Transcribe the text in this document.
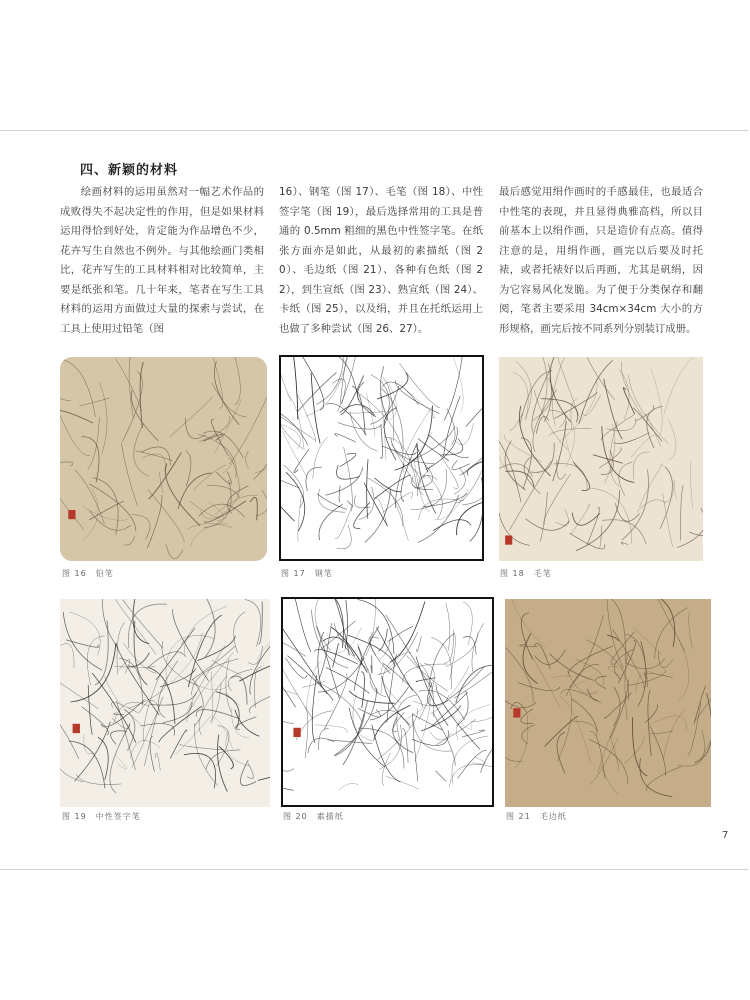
四、新颖的材料

绘画材料的运用虽然对一幅艺术作品的成败得失不起决定性的作用，但是如果材料运用得恰到好处，肯定能为作品增色不少，花卉写生自然也不例外。与其他绘画门类相比，花卉写生的工具材料相对比较简单，主要是纸张和笔。几十年来，笔者在写生工具材料的运用方面做过大量的探索与尝试，在工具上使用过铅笔（图

16）、钢笔（图 17）、毛笔（图 18）、中性签字笔（图 19），最后选择常用的工具是普通的 0.5mm 粗细的黑色中性签字笔。在纸张方面亦是如此，从最初的素描纸（图 20）、毛边纸（图 21）、各种有色纸（图 22），到生宣纸（图 23）、熟宣纸（图 24）、卡纸（图 25），以及绢，并且在托纸运用上也做了多种尝试（图 26、27）。

最后感觉用绢作画时的手感最佳，也最适合中性笔的表现，并且显得典雅高档，所以目前基本上以绢作画，只是造价有点高。值得注意的是，用绢作画，画完以后要及时托裱，或者托裱好以后再画，尤其是矾绢，因为它容易风化发脆。为了便于分类保存和翻阅，笔者主要采用 34cm×34cm 大小的方形规格，画完后按不同系列分别装订成册。

图 16　铅笔	图 17　钢笔	图 18　毛笔
图 19　中性签字笔	图 20　素描纸	图 21　毛边纸
7
